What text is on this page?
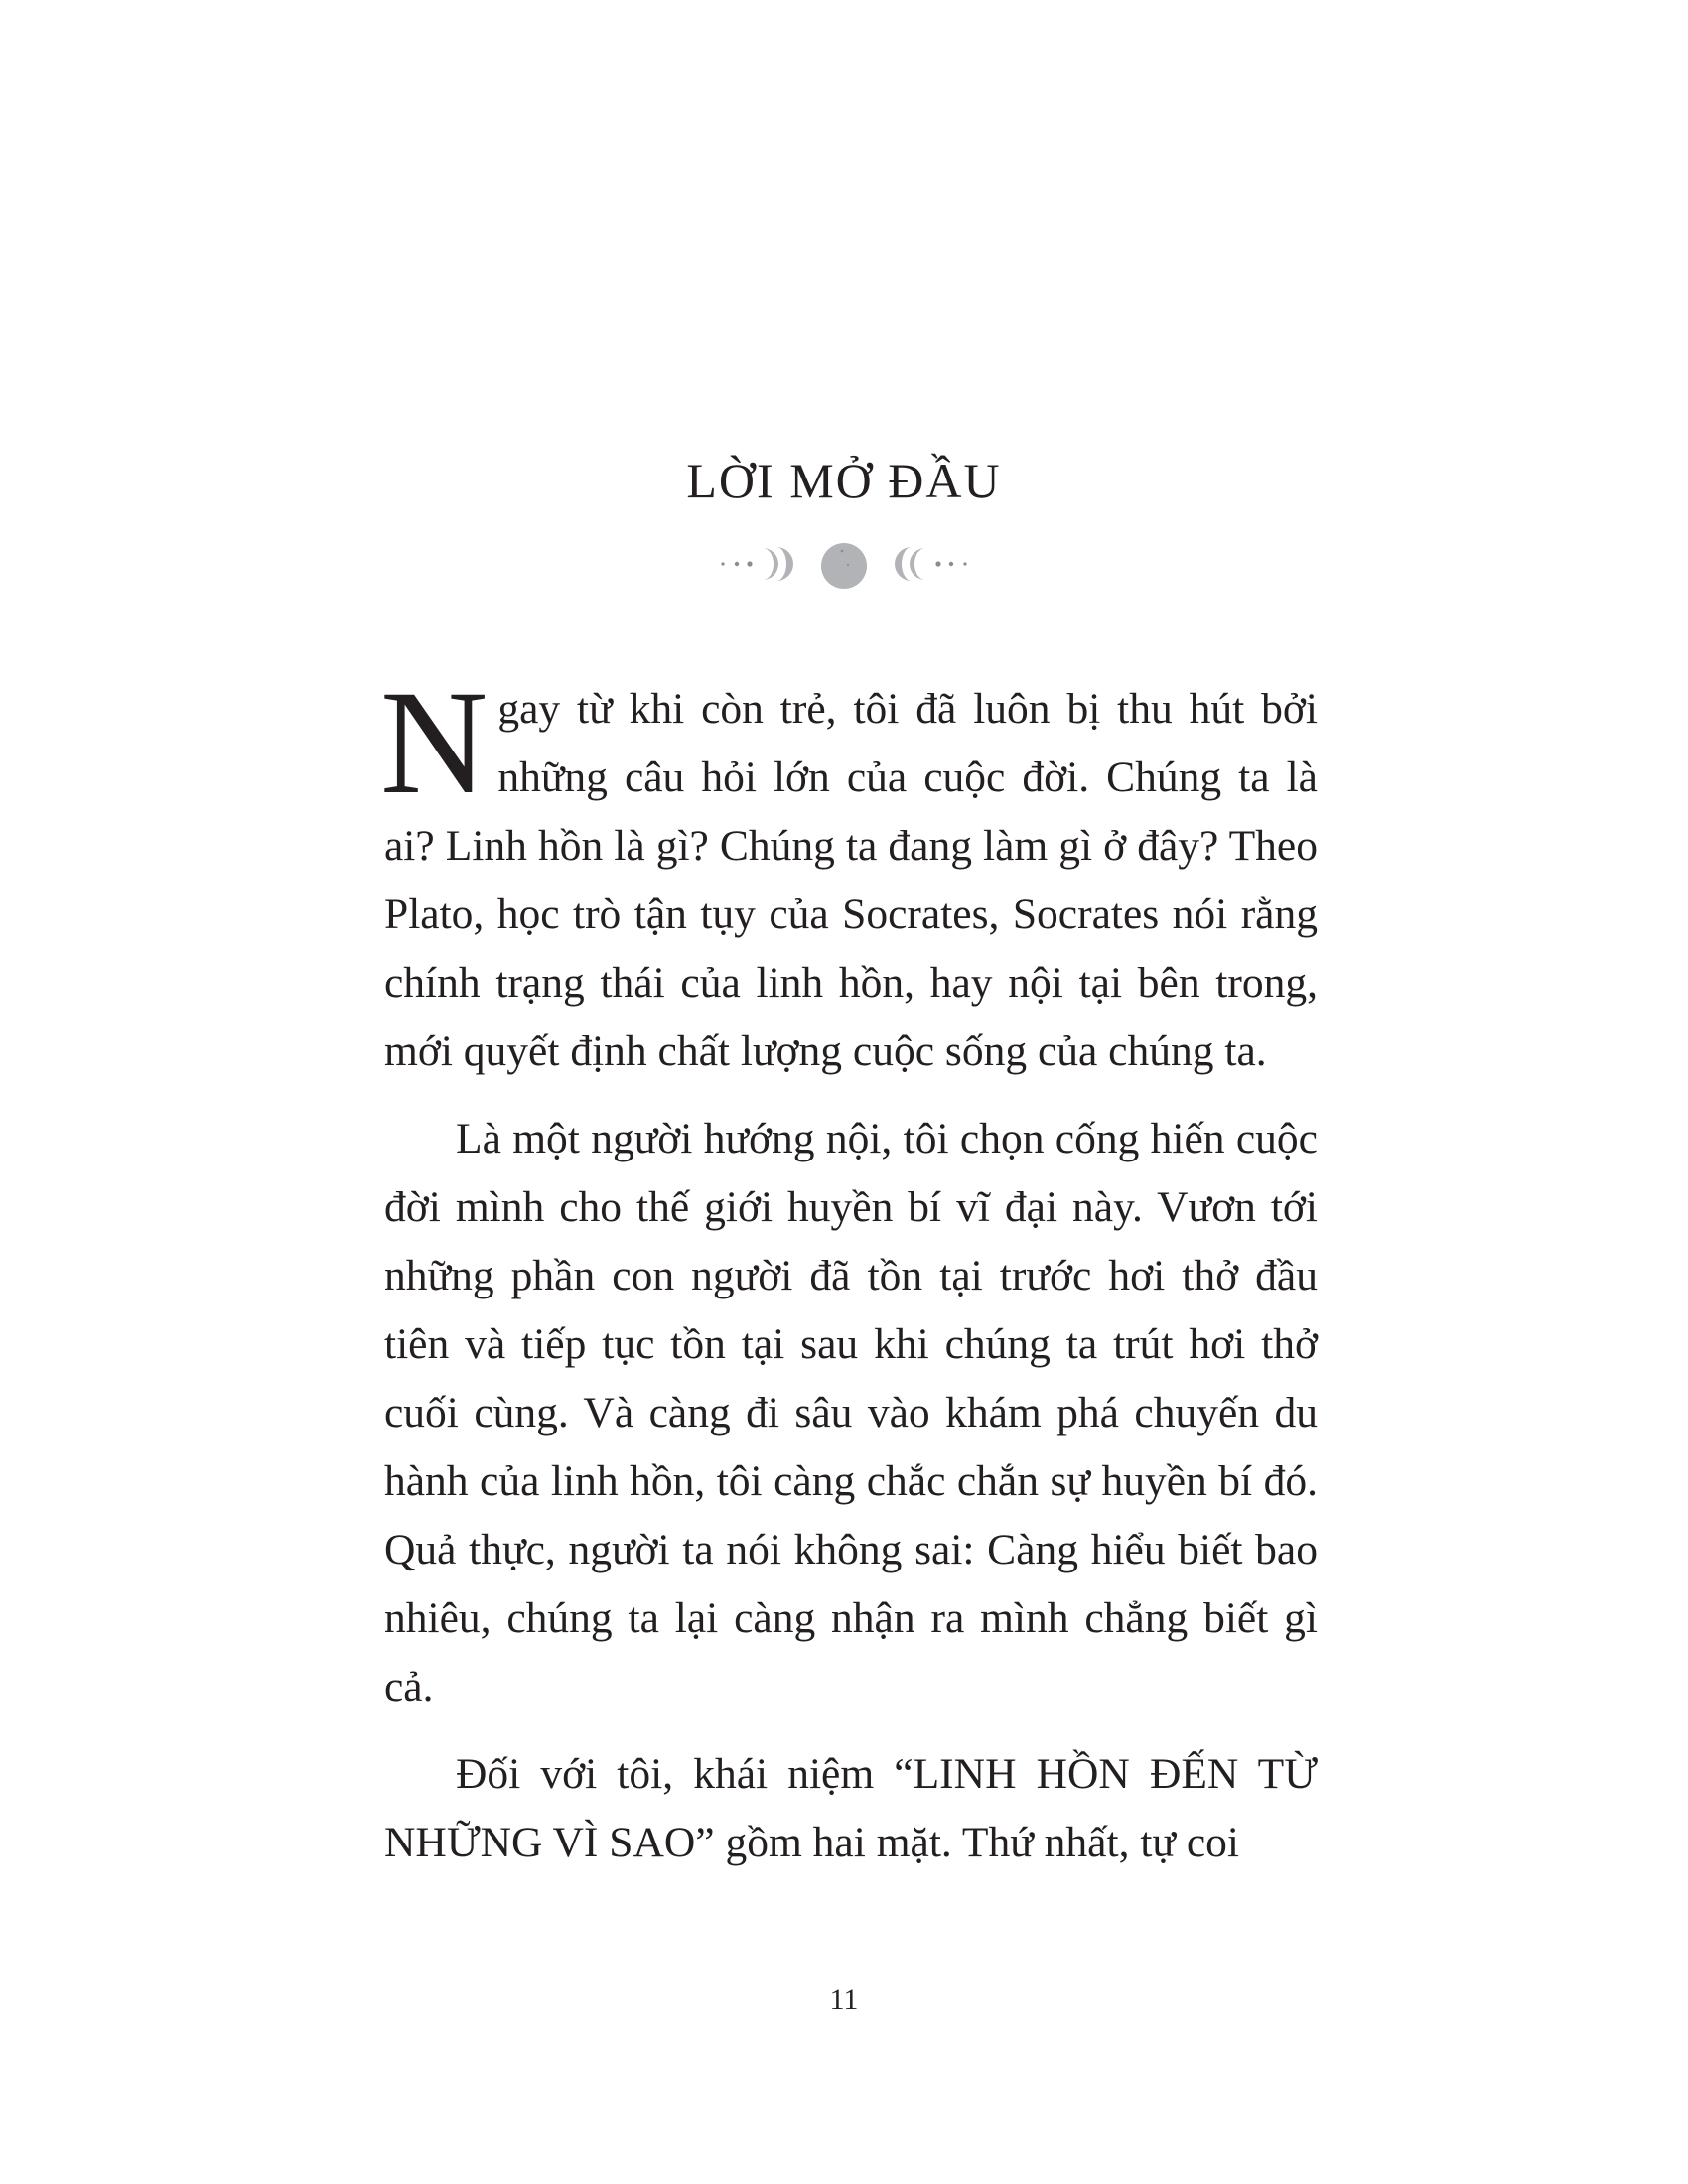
LỜI MỞ ĐẦU

Ngay từ khi còn trẻ, tôi đã luôn bị thu hút bởi những câu hỏi lớn của cuộc đời. Chúng ta là ai? Linh hồn là gì? Chúng ta đang làm gì ở đây? Theo Plato, học trò tận tụy của Socrates, Socrates nói rằng chính trạng thái của linh hồn, hay nội tại bên trong, mới quyết định chất lượng cuộc sống của chúng ta.

Là một người hướng nội, tôi chọn cống hiến cuộc đời mình cho thế giới huyền bí vĩ đại này. Vươn tới những phần con người đã tồn tại trước hơi thở đầu tiên và tiếp tục tồn tại sau khi chúng ta trút hơi thở cuối cùng. Và càng đi sâu vào khám phá chuyến du hành của linh hồn, tôi càng chắc chắn sự huyền bí đó. Quả thực, người ta nói không sai: Càng hiểu biết bao nhiêu, chúng ta lại càng nhận ra mình chẳng biết gì cả.

Đối với tôi, khái niệm “LINH HỒN ĐẾN TỪ NHỮNG VÌ SAO” gồm hai mặt. Thứ nhất, tự coi

11
